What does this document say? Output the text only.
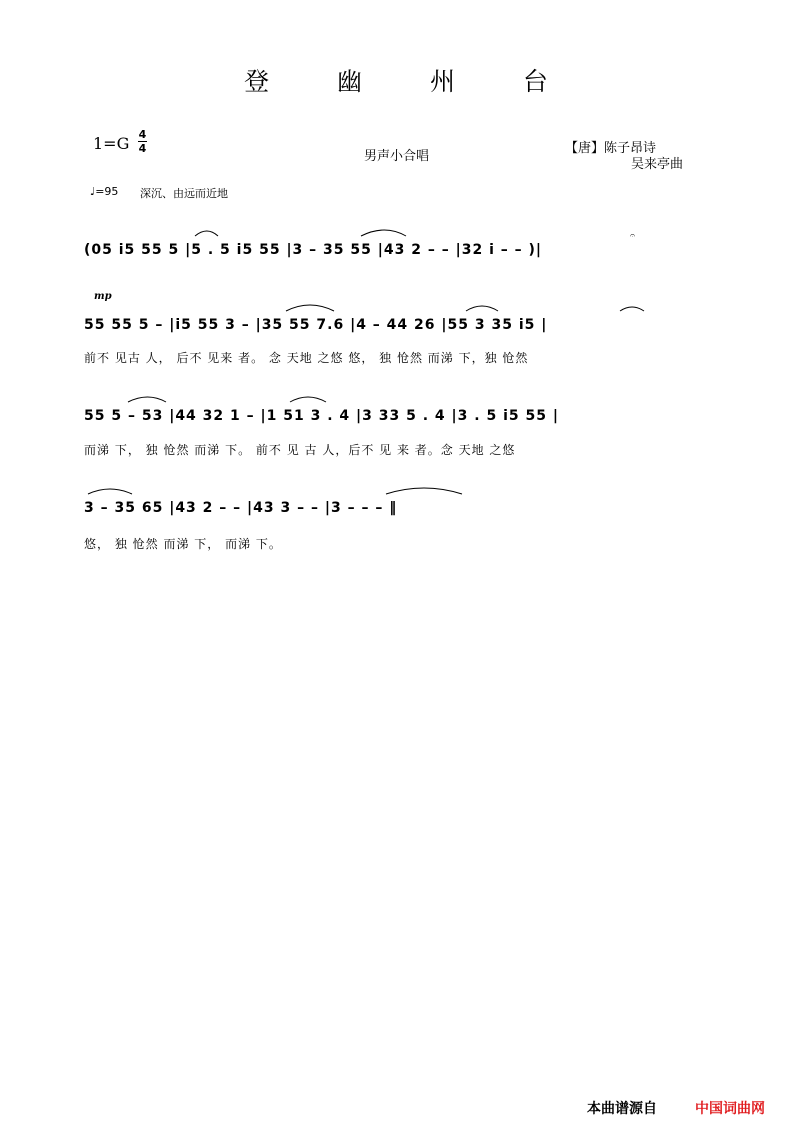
登 幽 州 台
1=G 4
4
男声小合唱
【唐】陈子昂诗
吴来亭曲
♩=95 深沉、由远而近地
mp
(05 i5 55 5 |5 . 5 i5 55 |3 – 35 55 |43 2 – – |32 i – – )|
55 55 5 – |i5 55 3 – |35 55 7.6 |4 – 44 26 |55 3 35 i5 |
前不 见古 人， 后不 见来 者。 念 天地 之悠 悠， 独 怆然 而涕 下，独 怆然
55 5 – 53 |44 32 1 – |1 51 3 . 4 |3 33 5 . 4 |3 . 5 i5 55 |
而涕 下， 独 怆然 而涕 下。 前不 见 古 人，后不 见 来 者。念 天地 之悠
3 – 35 65 |43 2 – – |43 3 – – |3 – – – ‖
悠， 独 怆然 而涕 下， 而涕 下。
𝄐
本曲谱源自	中国词曲网
